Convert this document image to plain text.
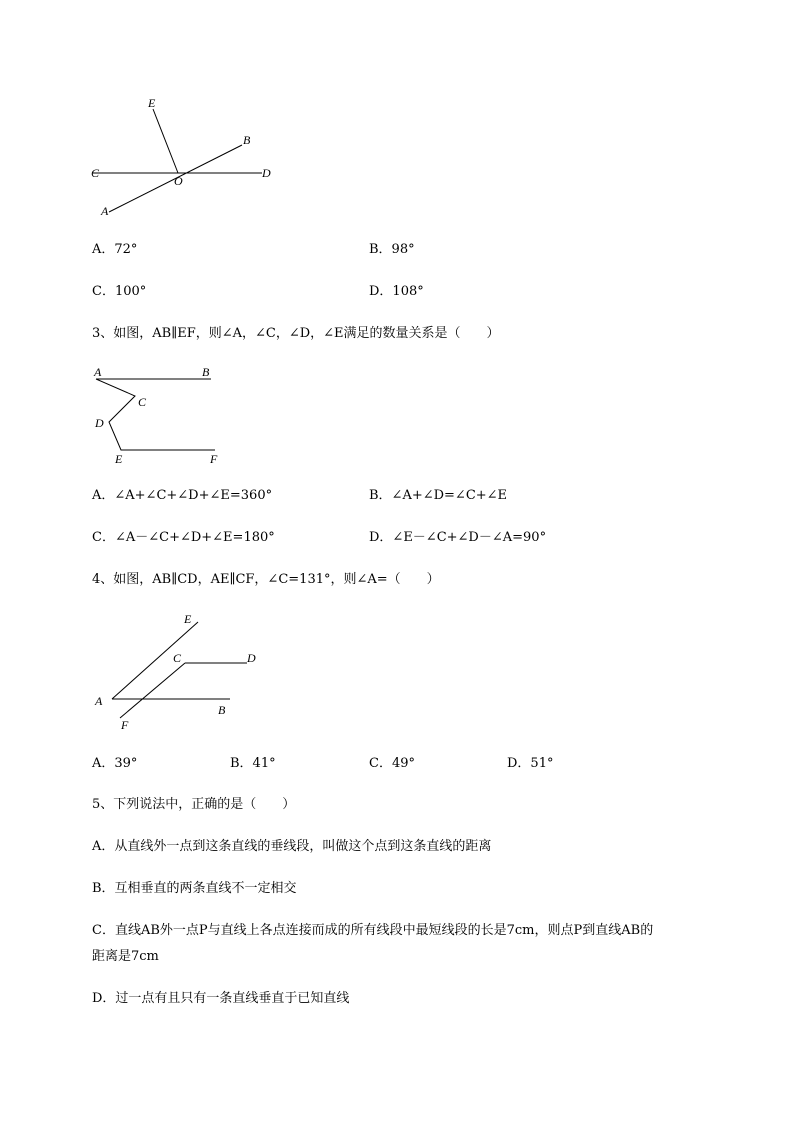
E
B
C
O
D
A
A．72°	B．98°
C．100°	D．108°
3、如图，AB∥EF，则∠A，∠C，∠D，∠E满足的数量关系是（　　）
A	B
C
D
E	F
A．∠A+∠C+∠D+∠E=360°	B．∠A+∠D=∠C+∠E
C．∠A－∠C+∠D+∠E=180°	D．∠E－∠C+∠D－∠A=90°
4、如图，AB∥CD，AE∥CF，∠C=131°，则∠A=（　　）
E
C	D
A
B
F
A．39°	B．41°	C．49°	D．51°
5、下列说法中，正确的是（　　）
A．从直线外一点到这条直线的垂线段，叫做这个点到这条直线的距离
B．互相垂直的两条直线不一定相交
C．直线AB外一点P与直线上各点连接而成的所有线段中最短线段的长是7cm，则点P到直线AB的
距离是7cm
D．过一点有且只有一条直线垂直于已知直线
